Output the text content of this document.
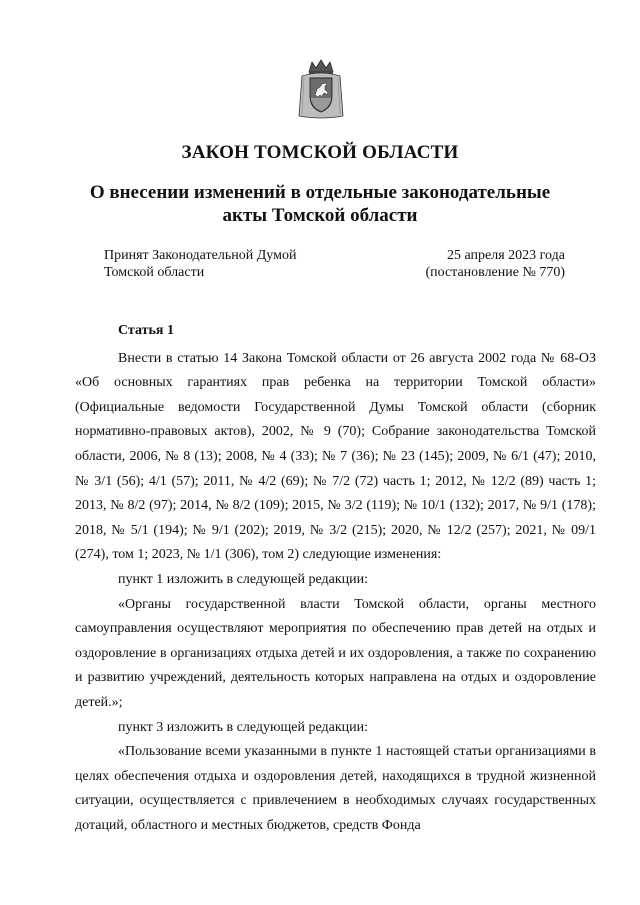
ЗАКОН ТОМСКОЙ ОБЛАСТИ
О внесении изменений в отдельные законодательные
акты Томской области
Принят Законодательной Думой
Томской области
25 апреля 2023 года
(постановление № 770)

Статья 1

Внести в статью 14 Закона Томской области от 26 августа 2002 года № 68-ОЗ «Об основных гарантиях прав ребенка на территории Томской области» (Официальные ведомости Государственной Думы Томской области (сборник нормативно-правовых актов), 2002, № 9 (70); Собрание законодательства Томской области, 2006, № 8 (13); 2008, № 4 (33); № 7 (36); № 23 (145); 2009, № 6/1 (47); 2010, № 3/1 (56); 4/1 (57); 2011, № 4/2 (69); № 7/2 (72) часть 1; 2012, № 12/2 (89) часть 1; 2013, № 8/2 (97); 2014, № 8/2 (109); 2015, № 3/2 (119); № 10/1 (132); 2017, № 9/1 (178); 2018, № 5/1 (194); № 9/1 (202); 2019, № 3/2 (215); 2020, № 12/2 (257); 2021, № 09/1 (274), том 1; 2023, № 1/1 (306), том 2) следующие изменения:

пункт 1 изложить в следующей редакции:

«Органы государственной власти Томской области, органы местного самоуправления осуществляют мероприятия по обеспечению прав детей на отдых и оздоровление в организациях отдыха детей и их оздоровления, а также по сохранению и развитию учреждений, деятельность которых направлена на отдых и оздоровление детей.»;

пункт 3 изложить в следующей редакции:

«Пользование всеми указанными в пункте 1 настоящей статьи организациями в целях обеспечения отдыха и оздоровления детей, находящихся в трудной жизненной ситуации, осуществляется с привлечением в необходимых случаях государственных дотаций, областного и местных бюджетов, средств Фонда
